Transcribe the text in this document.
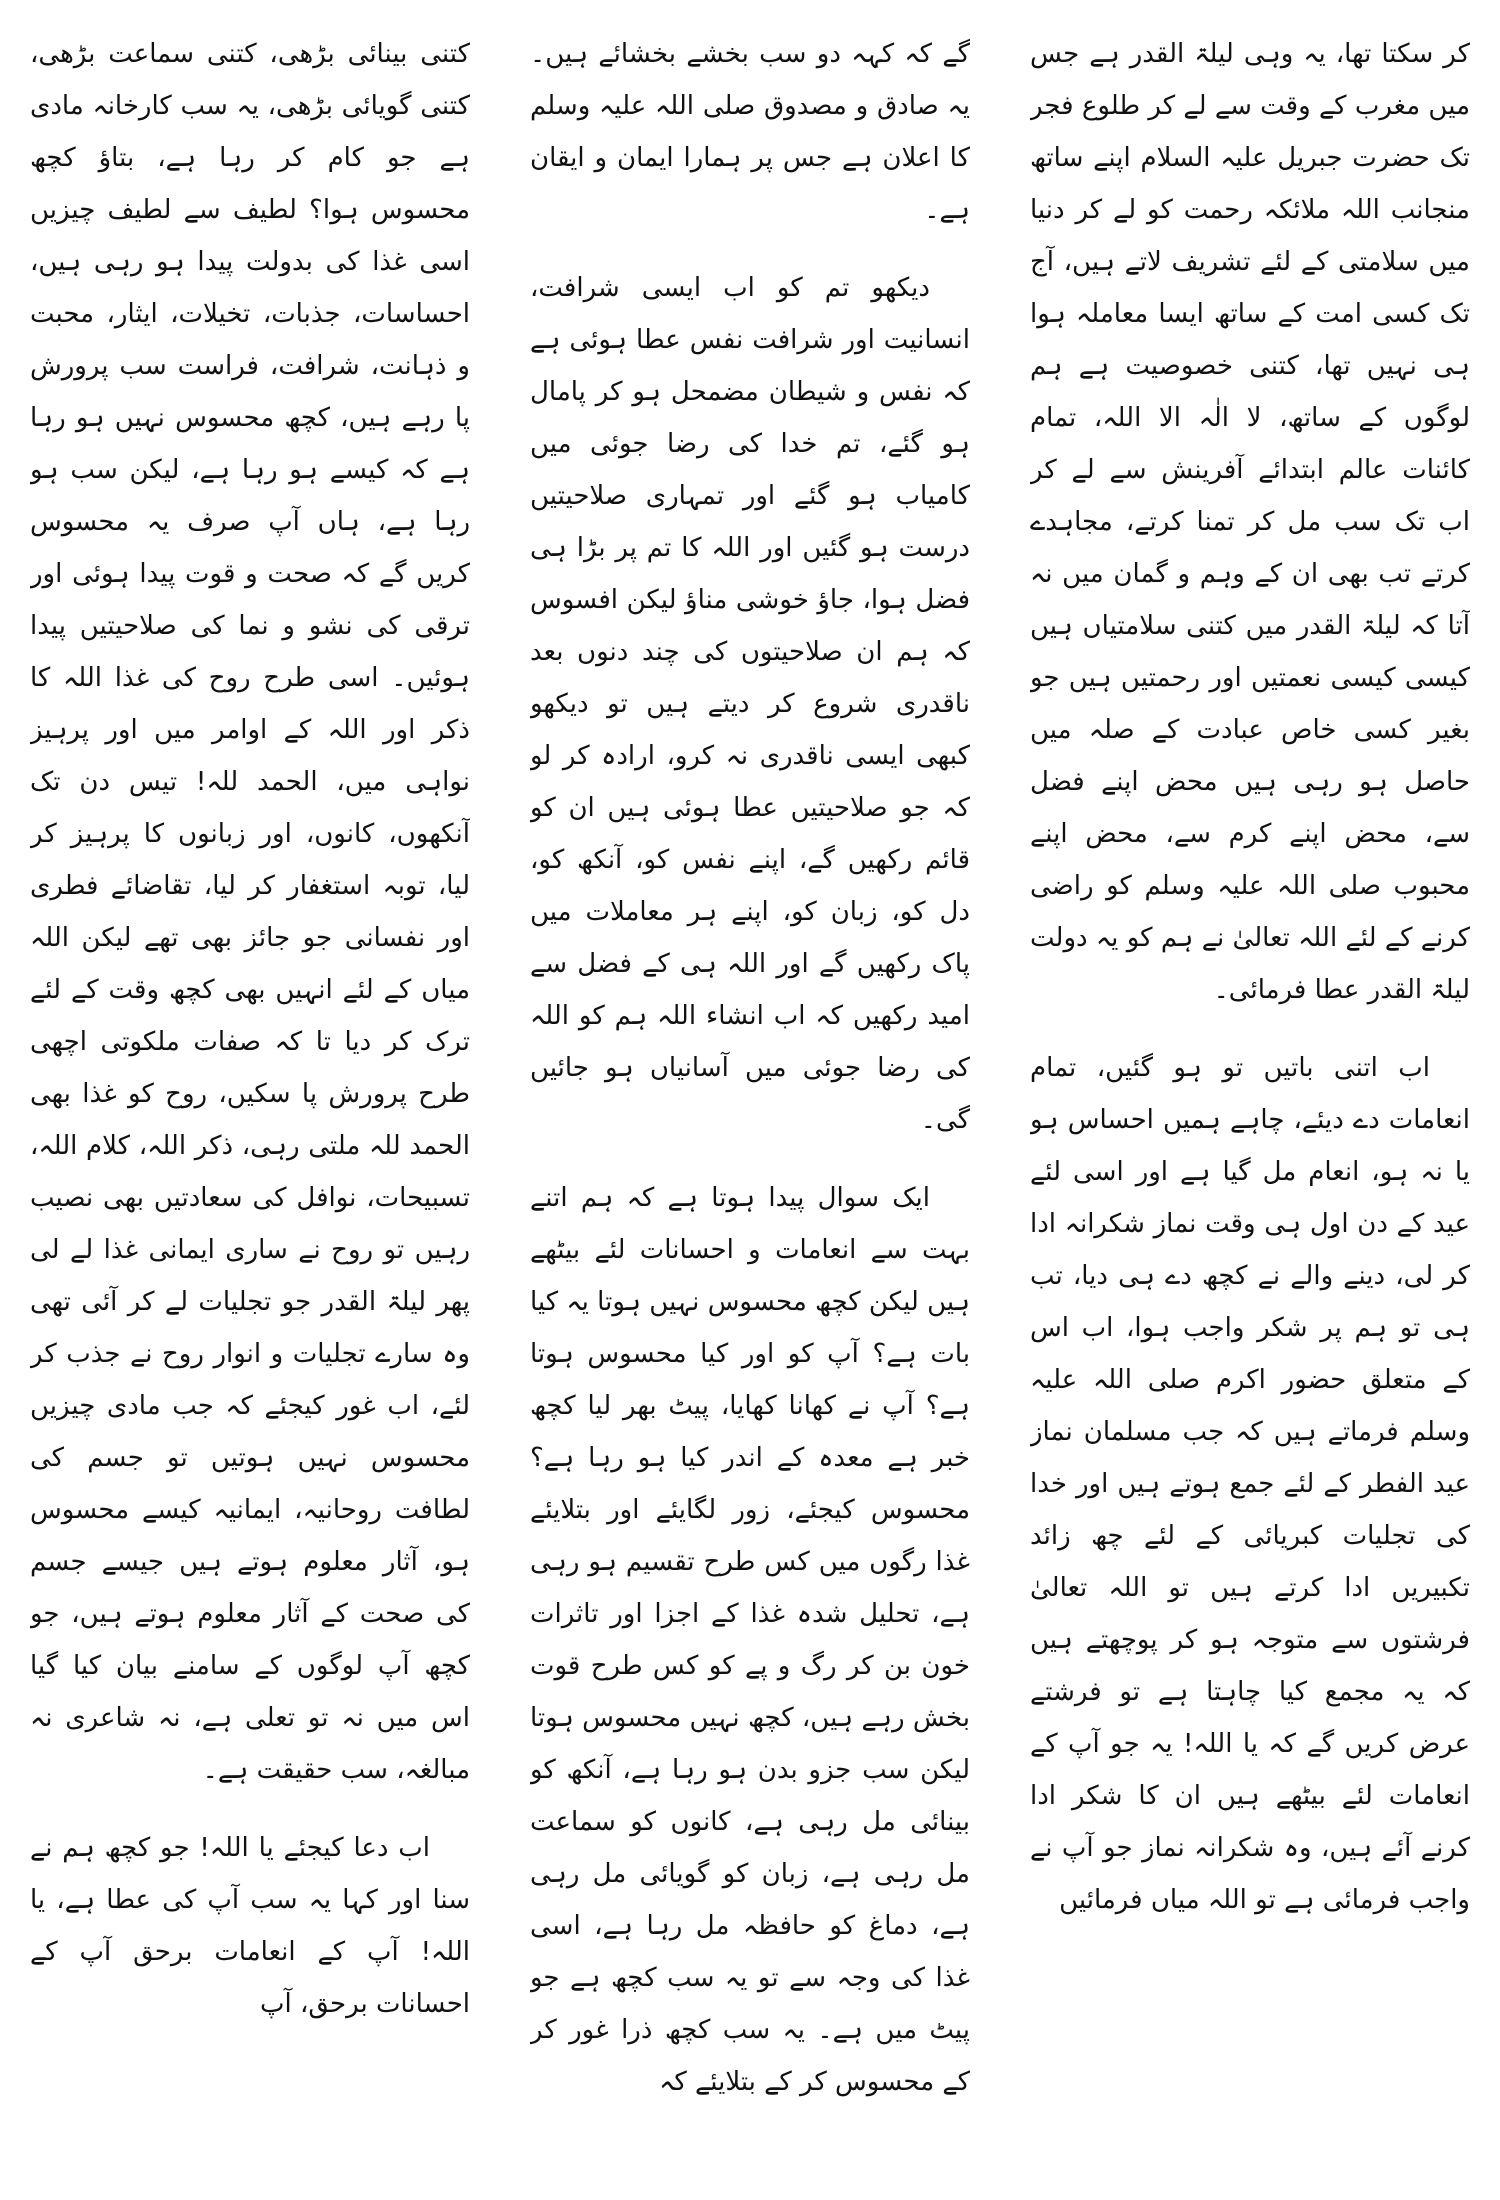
کر سکتا تھا، یہ وہی لیلۃ القدر ہے جس میں مغرب کے وقت سے لے کر طلوع فجر تک حضرت جبریل علیہ السلام اپنے ساتھ منجانب اللہ ملائکہ رحمت کو لے کر دنیا میں سلامتی کے لئے تشریف لاتے ہیں، آج تک کسی امت کے ساتھ ایسا معاملہ ہوا ہی نہیں تھا، کتنی خصوصیت ہے ہم لوگوں کے ساتھ، لا الٰہ الا اللہ، تمام کائنات عالم ابتدائے آفرینش سے لے کر اب تک سب مل کر تمنا کرتے، مجاہدے کرتے تب بھی ان کے وہم و گمان میں نہ آتا کہ لیلۃ القدر میں کتنی سلامتیاں ہیں کیسی کیسی نعمتیں اور رحمتیں ہیں جو بغیر کسی خاص عبادت کے صلہ میں حاصل ہو رہی ہیں محض اپنے فضل سے، محض اپنے کرم سے، محض اپنے محبوب صلی اللہ علیہ وسلم کو راضی کرنے کے لئے اللہ تعالیٰ نے ہم کو یہ دولت لیلۃ القدر عطا فرمائی۔

اب اتنی باتیں تو ہو گئیں، تمام انعامات دے دیئے، چاہے ہمیں احساس ہو یا نہ ہو، انعام مل گیا ہے اور اسی لئے عید کے دن اول ہی وقت نماز شکرانہ ادا کر لی، دینے والے نے کچھ دے ہی دیا، تب ہی تو ہم پر شکر واجب ہوا، اب اس کے متعلق حضور اکرم صلی اللہ علیہ وسلم فرماتے ہیں کہ جب مسلمان نماز عید الفطر کے لئے جمع ہوتے ہیں اور خدا کی تجلیات کبریائی کے لئے چھ زائد تکبیریں ادا کرتے ہیں تو اللہ تعالیٰ فرشتوں سے متوجہ ہو کر پوچھتے ہیں کہ یہ مجمع کیا چاہتا ہے تو فرشتے عرض کریں گے کہ یا اللہ! یہ جو آپ کے انعامات لئے بیٹھے ہیں ان کا شکر ادا کرنے آئے ہیں، وہ شکرانہ نماز جو آپ نے واجب فرمائی ہے تو اللہ میاں فرمائیں

گے کہ کہہ دو سب بخشے بخشائے ہیں۔ یہ صادق و مصدوق صلی اللہ علیہ وسلم کا اعلان ہے جس پر ہمارا ایمان و ایقان ہے۔

دیکھو تم کو اب ایسی شرافت، انسانیت اور شرافت نفس عطا ہوئی ہے کہ نفس و شیطان مضمحل ہو کر پامال ہو گئے، تم خدا کی رضا جوئی میں کامیاب ہو گئے اور تمہاری صلاحیتیں درست ہو گئیں اور اللہ کا تم پر بڑا ہی فضل ہوا، جاؤ خوشی مناؤ لیکن افسوس کہ ہم ان صلاحیتوں کی چند دنوں بعد ناقدری شروع کر دیتے ہیں تو دیکھو کبھی ایسی ناقدری نہ کرو، ارادہ کر لو کہ جو صلاحیتیں عطا ہوئی ہیں ان کو قائم رکھیں گے، اپنے نفس کو، آنکھ کو، دل کو، زبان کو، اپنے ہر معاملات میں پاک رکھیں گے اور اللہ ہی کے فضل سے امید رکھیں کہ اب انشاء اللہ ہم کو اللہ کی رضا جوئی میں آسانیاں ہو جائیں گی۔

ایک سوال پیدا ہوتا ہے کہ ہم اتنے بہت سے انعامات و احسانات لئے بیٹھے ہیں لیکن کچھ محسوس نہیں ہوتا یہ کیا بات ہے؟ آپ کو اور کیا محسوس ہوتا ہے؟ آپ نے کھانا کھایا، پیٹ بھر لیا کچھ خبر ہے معدہ کے اندر کیا ہو رہا ہے؟ محسوس کیجئے، زور لگایئے اور بتلایئے غذا رگوں میں کس طرح تقسیم ہو رہی ہے، تحلیل شدہ غذا کے اجزا اور تاثرات خون بن کر رگ و پے کو کس طرح قوت بخش رہے ہیں، کچھ نہیں محسوس ہوتا لیکن سب جزو بدن ہو رہا ہے، آنکھ کو بینائی مل رہی ہے، کانوں کو سماعت مل رہی ہے، زبان کو گویائی مل رہی ہے، دماغ کو حافظہ مل رہا ہے، اسی غذا کی وجہ سے تو یہ سب کچھ ہے جو پیٹ میں ہے۔ یہ سب کچھ ذرا غور کر کے محسوس کر کے بتلایئے کہ

کتنی بینائی بڑھی، کتنی سماعت بڑھی، کتنی گویائی بڑھی، یہ سب کارخانہ مادی ہے جو کام کر رہا ہے، بتاؤ کچھ محسوس ہوا؟ لطیف سے لطیف چیزیں اسی غذا کی بدولت پیدا ہو رہی ہیں، احساسات، جذبات، تخیلات، ایثار، محبت و ذہانت، شرافت، فراست سب پرورش پا رہے ہیں، کچھ محسوس نہیں ہو رہا ہے کہ کیسے ہو رہا ہے، لیکن سب ہو رہا ہے، ہاں آپ صرف یہ محسوس کریں گے کہ صحت و قوت پیدا ہوئی اور ترقی کی نشو و نما کی صلاحیتیں پیدا ہوئیں۔ اسی طرح روح کی غذا اللہ کا ذکر اور اللہ کے اوامر میں اور پرہیز نواہی میں، الحمد للہ! تیس دن تک آنکھوں، کانوں، اور زبانوں کا پرہیز کر لیا، توبہ استغفار کر لیا، تقاضائے فطری اور نفسانی جو جائز بھی تھے لیکن اللہ میاں کے لئے انہیں بھی کچھ وقت کے لئے ترک کر دیا تا کہ صفات ملکوتی اچھی طرح پرورش پا سکیں، روح کو غذا بھی الحمد للہ ملتی رہی، ذکر اللہ، کلام اللہ، تسبیحات، نوافل کی سعادتیں بھی نصیب رہیں تو روح نے ساری ایمانی غذا لے لی پھر لیلۃ القدر جو تجلیات لے کر آئی تھی وہ سارے تجلیات و انوار روح نے جذب کر لئے، اب غور کیجئے کہ جب مادی چیزیں محسوس نہیں ہوتیں تو جسم کی لطافت روحانیہ، ایمانیہ کیسے محسوس ہو، آثار معلوم ہوتے ہیں جیسے جسم کی صحت کے آثار معلوم ہوتے ہیں، جو کچھ آپ لوگوں کے سامنے بیان کیا گیا اس میں نہ تو تعلی ہے، نہ شاعری نہ مبالغہ، سب حقیقت ہے۔

اب دعا کیجئے یا اللہ! جو کچھ ہم نے سنا اور کہا یہ سب آپ کی عطا ہے، یا اللہ! آپ کے انعامات برحق آپ کے احسانات برحق، آپ
